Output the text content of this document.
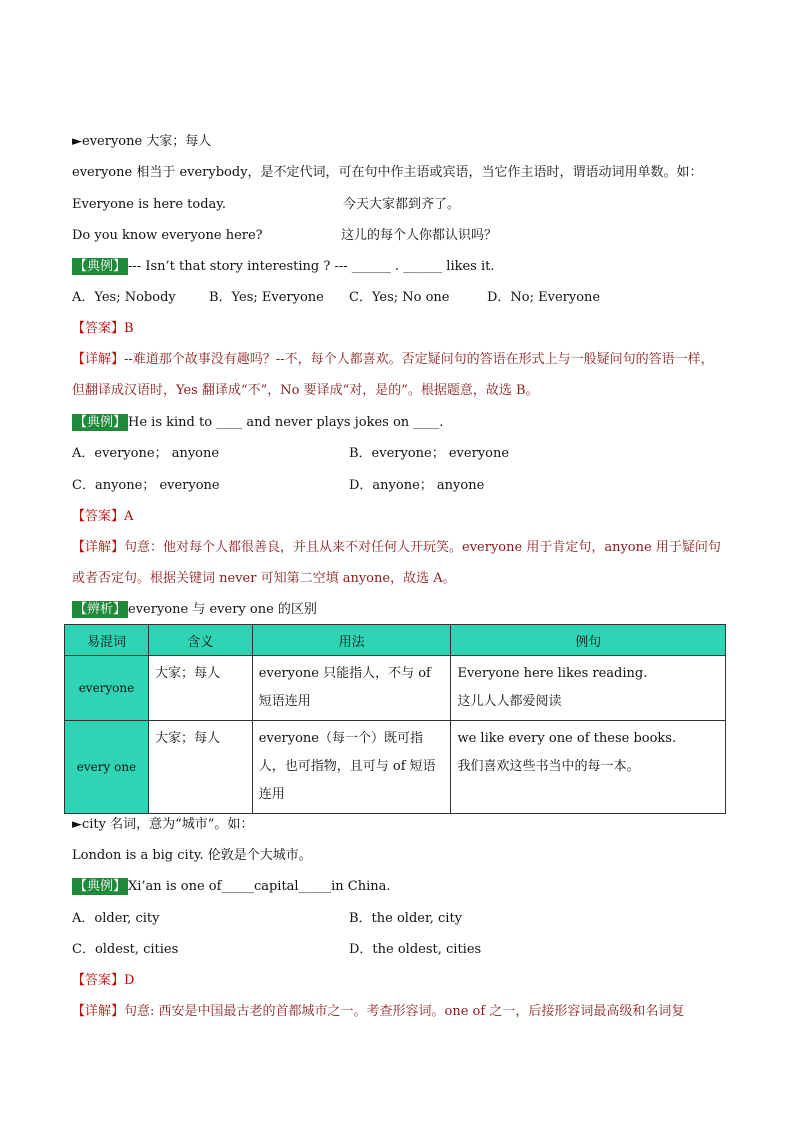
►everyone 大家；每人
everyone 相当于 everybody，是不定代词，可在句中作主语或宾语，当它作主语时，谓语动词用单数。如：
Everyone is here today.	今天大家都到齐了。
Do you know everyone here?	这儿的每个人你都认识吗？
【典例】 --- Isn’t that story interesting ? --- ______ . ______ likes it.
A．Yes; Nobody	B．Yes; Everyone C．Yes; No one	D．No; Everyone
【答案】B
【详解】--难道那个故事没有趣吗？--不，每个人都喜欢。否定疑问句的答语在形式上与一般疑问句的答语一样，但翻译成汉语时，Yes 翻译成“不”，No 要译成“对，是的”。根据题意，故选 B。
【典例】 He is kind to ____ and never plays jokes on ____.
A．everyone； anyone	B．everyone； everyone
C．anyone； everyone	D．anyone； anyone
【答案】A
【详解】句意：他对每个人都很善良，并且从来不对任何人开玩笑。everyone 用于肯定句，anyone 用于疑问句或者否定句。根据关键词 never 可知第二空填 anyone，故选 A。
【辨析】 everyone 与 every one 的区别
易混词	含义	用法	例句
everyone	大家；每人	everyone 只能指人，不与 of 短语连用	Everyone here likes reading.
这儿人人都爱阅读

every one	大家；每人	everyone（每一个）既可指人，也可指物，且可与 of 短语连用	we like every one of these books.
我们喜欢这些书当中的每一本。
►city 名词，意为“城市”。如：
London is a big city. 伦敦是个大城市。
【典例】 Xi’an is one of_____capital_____in China.
A．older, city	B．the older, city
C．oldest, cities	D．the oldest, cities
【答案】D
【详解】句意: 西安是中国最古老的首都城市之一。考查形容词。one of 之一，后接形容词最高级和名词复
